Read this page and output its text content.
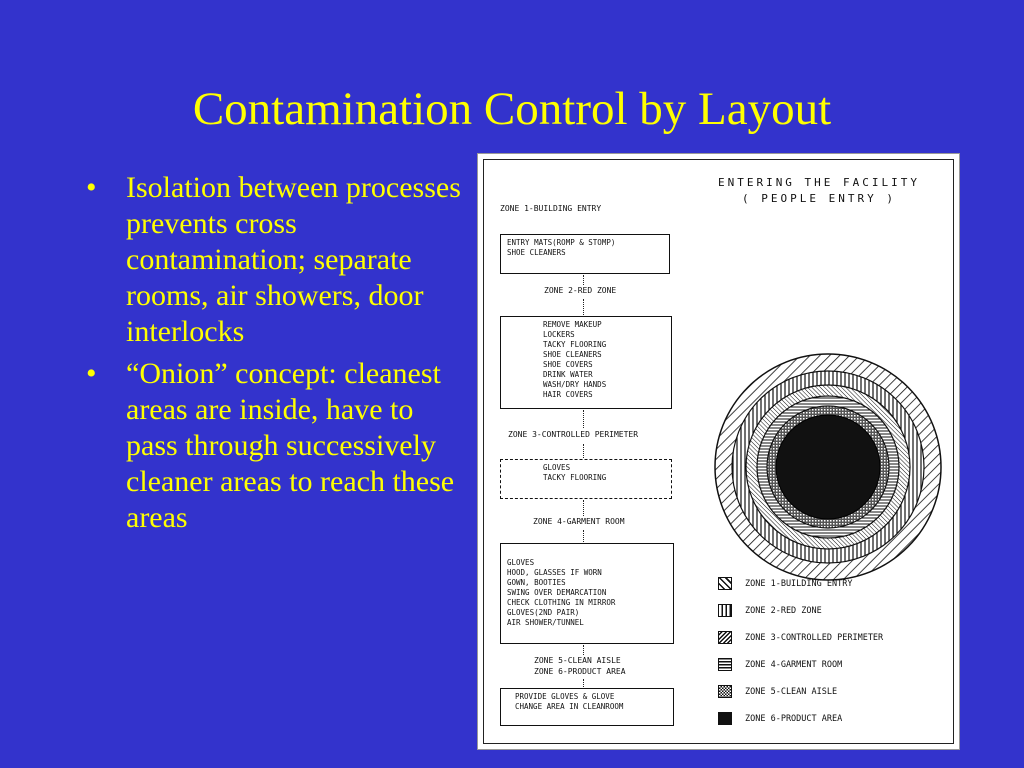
Contamination Control by Layout
• Isolation between processes prevents cross contamination; separate rooms, air showers, door interlocks
• “Onion” concept: cleanest areas are inside, have to pass through successively cleaner areas to reach these areas
ENTERING THE FACILITY
( PEOPLE ENTRY )
ZONE 1-BUILDING ENTRY
ENTRY MATS(ROMP & STOMP)
SHOE CLEANERS
ZONE 2-RED ZONE
REMOVE MAKEUP
LOCKERS
TACKY FLOORING
SHOE CLEANERS
SHOE COVERS
DRINK WATER
WASH/DRY HANDS
HAIR COVERS
ZONE 3-CONTROLLED PERIMETER
GLOVES
TACKY FLOORING
ZONE 4-GARMENT ROOM
GLOVES
HOOD, GLASSES IF WORN
GOWN, BOOTIES
SWING OVER DEMARCATION
CHECK CLOTHING IN MIRROR
GLOVES(2ND PAIR)
AIR SHOWER/TUNNEL
ZONE 5-CLEAN AISLE
ZONE 6-PRODUCT AREA
PROVIDE GLOVES & GLOVE
CHANGE AREA IN CLEANROOM
ZONE 1-BUILDING ENTRY
ZONE 2-RED ZONE
ZONE 3-CONTROLLED PERIMETER
ZONE 4-GARMENT ROOM
ZONE 5-CLEAN AISLE
ZONE 6-PRODUCT AREA
